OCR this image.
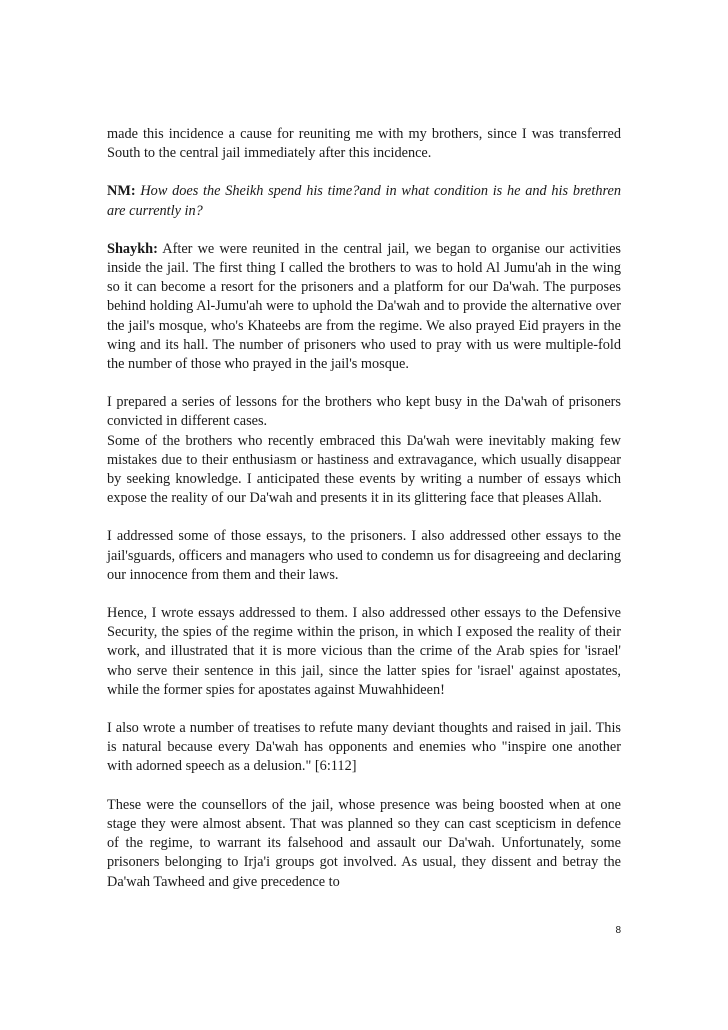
made this incidence a cause for reuniting me with my brothers, since I was transferred South to the central jail immediately after this incidence.

NM: How does the Sheikh spend his time?and in what condition is he and his brethren are currently in?

Shaykh: After we were reunited in the central jail, we began to organise our activities inside the jail. The first thing I called the brothers to was to hold Al Jumu'ah in the wing so it can become a resort for the prisoners and a platform for our Da'wah. The purposes behind holding Al-Jumu'ah were to uphold the Da'wah and to provide the alternative over the jail's mosque, who's Khateebs are from the regime. We also prayed Eid prayers in the wing and its hall. The number of prisoners who used to pray with us were multiple-fold the number of those who prayed in the jail's mosque.

I prepared a series of lessons for the brothers who kept busy in the Da'wah of prisoners convicted in different cases.

Some of the brothers who recently embraced this Da'wah were inevitably making few mistakes due to their enthusiasm or hastiness and extravagance, which usually disappear by seeking knowledge. I anticipated these events by writing a number of essays which expose the reality of our Da'wah and presents it in its glittering face that pleases Allah.

I addressed some of those essays, to the prisoners. I also addressed other essays to the jail'sguards, officers and managers who used to condemn us for disagreeing and declaring our innocence from them and their laws.

Hence, I wrote essays addressed to them. I also addressed other essays to the Defensive Security, the spies of the regime within the prison, in which I exposed the reality of their work, and illustrated that it is more vicious than the crime of the Arab spies for 'israel' who serve their sentence in this jail, since the latter spies for 'israel' against apostates, while the former spies for apostates against Muwahhideen!

I also wrote a number of treatises to refute many deviant thoughts and raised in jail. This is natural because every Da'wah has opponents and enemies who "inspire one another with adorned speech as a delusion." [6:112]

These were the counsellors of the jail, whose presence was being boosted when at one stage they were almost absent. That was planned so they can cast scepticism in defence of the regime, to warrant its falsehood and assault our Da'wah. Unfortunately, some prisoners belonging to Irja'i groups got involved. As usual, they dissent and betray the Da'wah Tawheed and give precedence to

8
